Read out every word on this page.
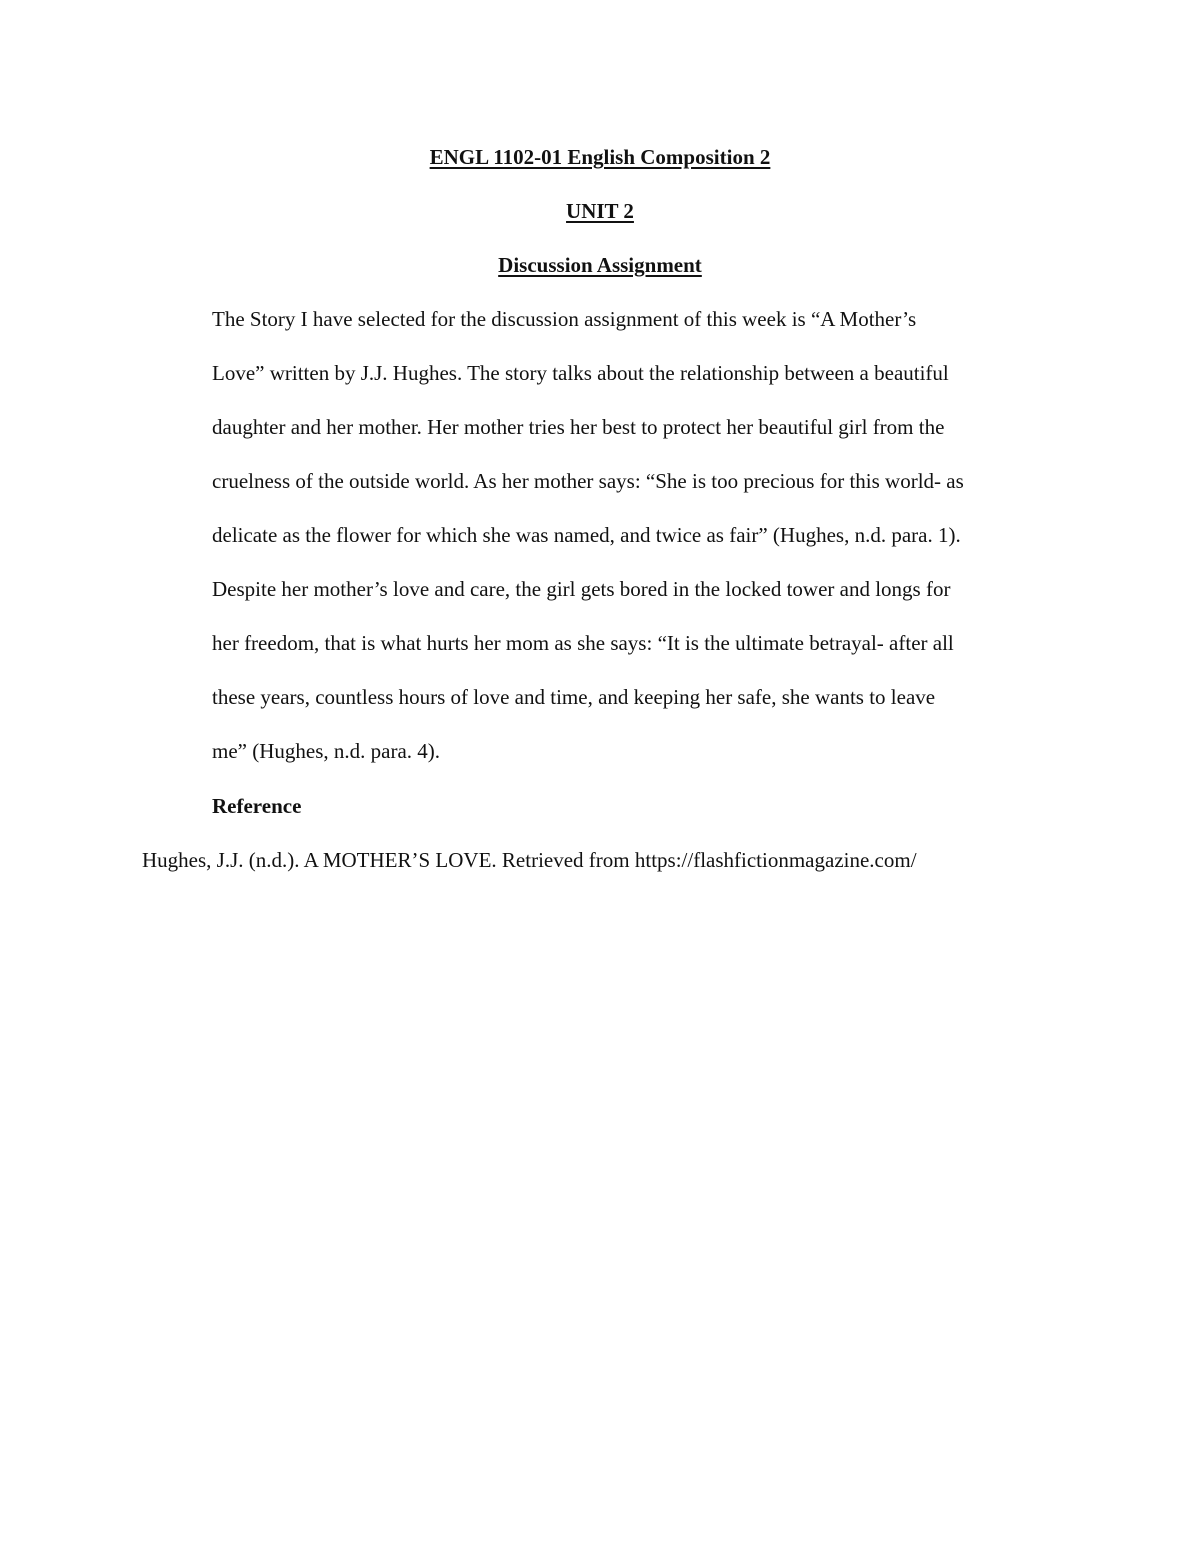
ENGL 1102-01 English Composition 2
UNIT 2
Discussion Assignment
The Story I have selected for the discussion assignment of this week is “A Mother’s
Love” written by J.J. Hughes. The story talks about the relationship between a beautiful
daughter and her mother. Her mother tries her best to protect her beautiful girl from the
cruelness of the outside world. As her mother says: “She is too precious for this world- as
delicate as the flower for which she was named, and twice as fair” (Hughes, n.d. para. 1).
Despite her mother’s love and care, the girl gets bored in the locked tower and longs for
her freedom, that is what hurts her mom as she says: “It is the ultimate betrayal- after all
these years, countless hours of love and time, and keeping her safe, she wants to leave
me” (Hughes, n.d. para. 4).
Reference
Hughes, J.J. (n.d.). A MOTHER’S LOVE. Retrieved from https://flashfictionmagazine.com/
